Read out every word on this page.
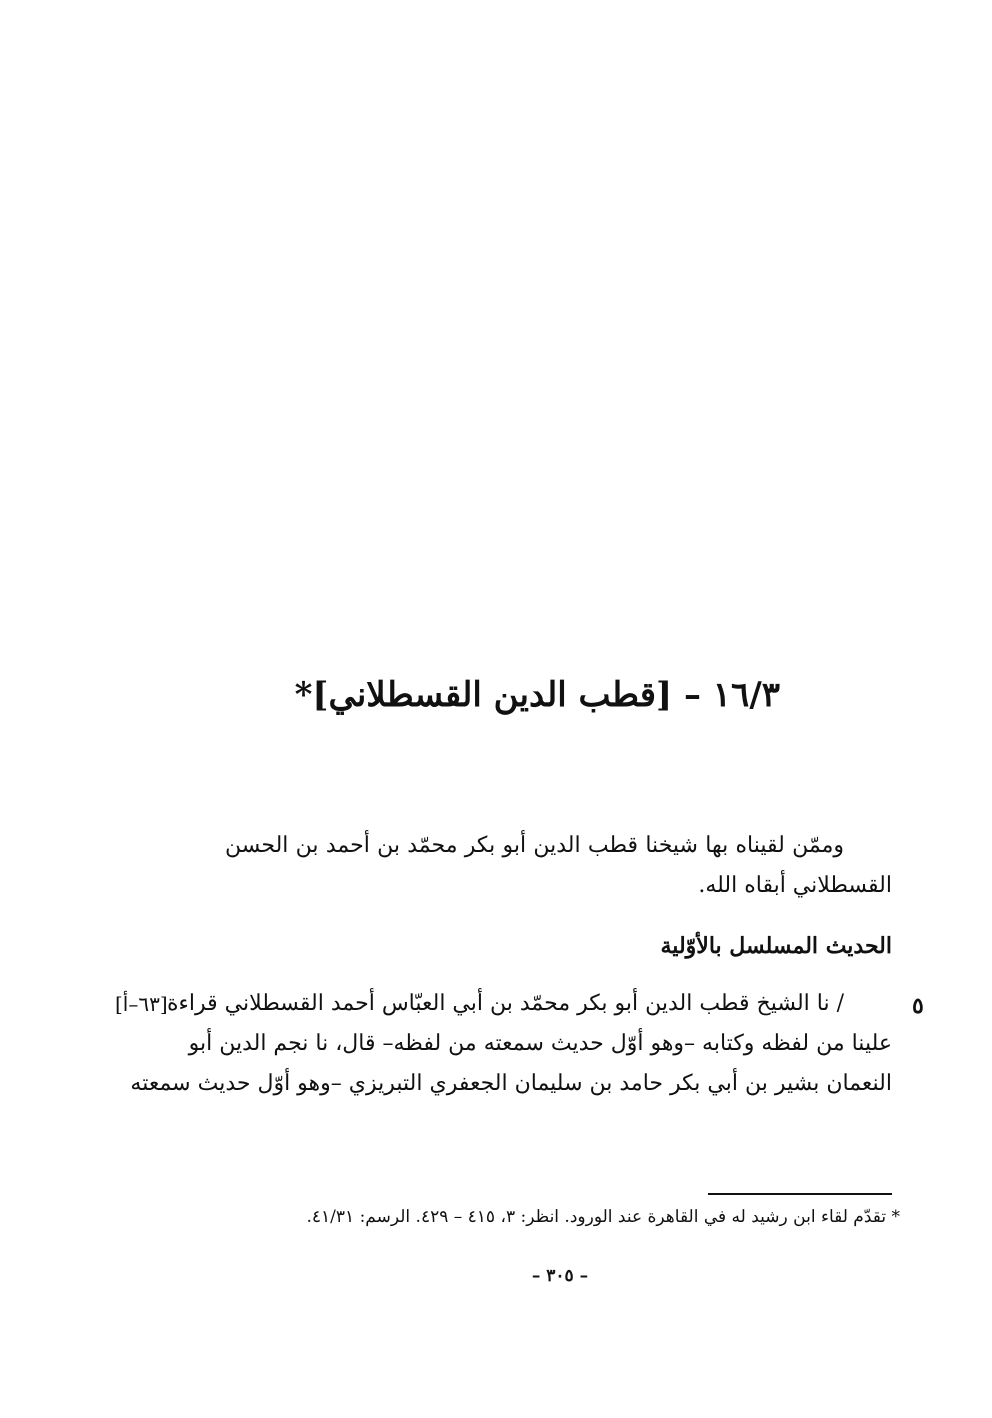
١٦/٣ – [قطب الدين القسطلاني]*

وممّن لقيناه بها شيخنا قطب الدين أبو بكر محمّد بن أحمد بن الحسن القسطلاني أبقاه الله.

الحديث المسلسل بالأوّلية
٥
[٦٣–أ] / نا الشيخ قطب الدين أبو بكر محمّد بن أبي العبّاس أحمد القسطلاني قراءة
علينا من لفظه وكتابه –وهو أوّل حديث سمعته من لفظه– قال، نا نجم الدين أبو
النعمان بشير بن أبي بكر حامد بن سليمان الجعفري التبريزي –وهو أوّل حديث سمعته
* تقدّم لقاء ابن رشيد له في القاهرة عند الورود. انظر: ٣، ٤١٥ – ٤٢٩. الرسم: ٤١/٣١.
– ٣٠٥ –
